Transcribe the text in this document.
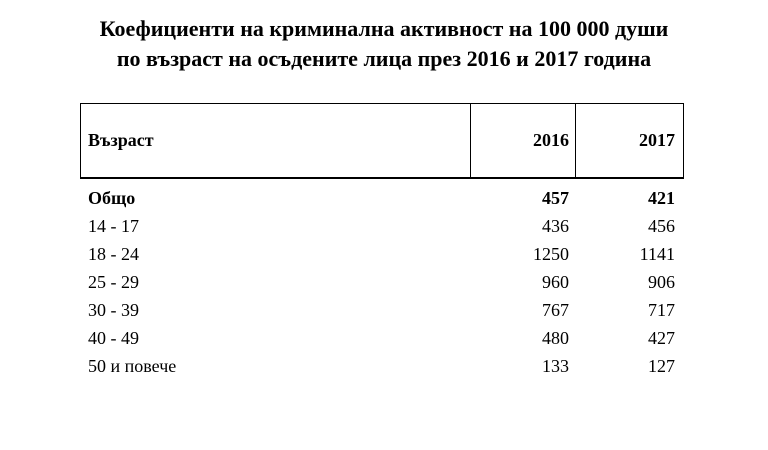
Коефициенти на криминална активност на 100 000 души
по възраст на осъдените лица през 2016 и 2017 година
Възраст	2016	2017
Общо	457	421
14 - 17	436	456
18 - 24	1250	1141
25 - 29	960	906
30 - 39	767	717
40 - 49	480	427
50 и повече	133	127
